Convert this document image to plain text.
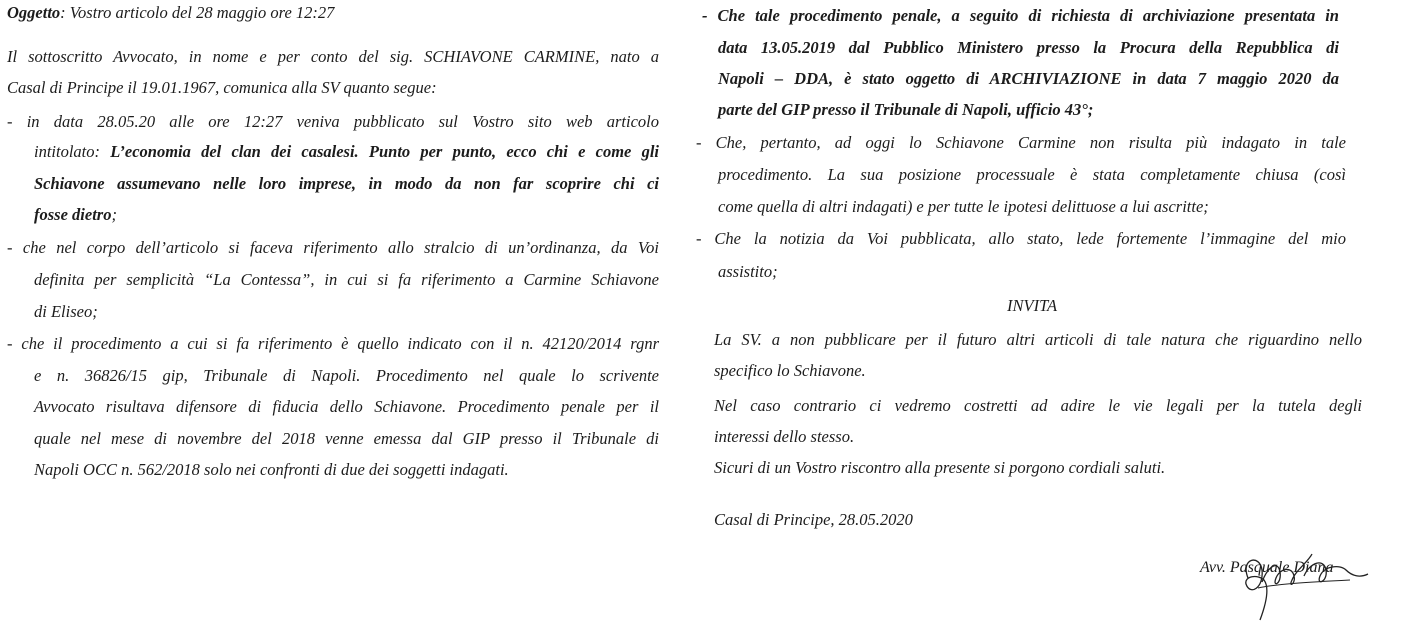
Oggetto: Vostro articolo del 28 maggio ore 12:27
Il sottoscritto Avvocato, in nome e per conto del sig. SCHIAVONE CARMINE, nato a
Casal di Principe il 19.01.1967, comunica alla SV quanto segue:
- in data 28.05.20 alle ore 12:27 veniva pubblicato sul Vostro sito web articolo
intitolato: L’economia del clan dei casalesi. Punto per punto, ecco chi e come gli
Schiavone assumevano nelle loro imprese, in modo da non far scoprire chi ci
fosse dietro;
- che nel corpo dell’articolo si faceva riferimento allo stralcio di un’ordinanza, da Voi
definita per semplicità “La Contessa”, in cui si fa riferimento a Carmine Schiavone
di Eliseo;
- che il procedimento a cui si fa riferimento è quello indicato con il n. 42120/2014 rgnr
e n. 36826/15 gip, Tribunale di Napoli. Procedimento nel quale lo scrivente
Avvocato risultava difensore di fiducia dello Schiavone. Procedimento penale per il
quale nel mese di novembre del 2018 venne emessa dal GIP presso il Tribunale di
Napoli OCC n. 562/2018 solo nei confronti di due dei soggetti indagati.
- Che tale procedimento penale, a seguito di richiesta di archiviazione presentata in
data 13.05.2019 dal Pubblico Ministero presso la Procura della Repubblica di
Napoli – DDA, è stato oggetto di ARCHIVIAZIONE in data 7 maggio 2020 da
parte del GIP presso il Tribunale di Napoli, ufficio 43°;
- Che, pertanto, ad oggi lo Schiavone Carmine non risulta più indagato in tale
procedimento. La sua posizione processuale è stata completamente chiusa (così
come quella di altri indagati) e per tutte le ipotesi delittuose a lui ascritte;
- Che la notizia da Voi pubblicata, allo stato, lede fortemente l’immagine del mio
assistito;
INVITA
La SV. a non pubblicare per il futuro altri articoli di tale natura che riguardino nello
specifico lo Schiavone.
Nel caso contrario ci vedremo costretti ad adire le vie legali per la tutela degli
interessi dello stesso.
Sicuri di un Vostro riscontro alla presente si porgono cordiali saluti.
Casal di Principe, 28.05.2020
Avv. Pasquale Diana
